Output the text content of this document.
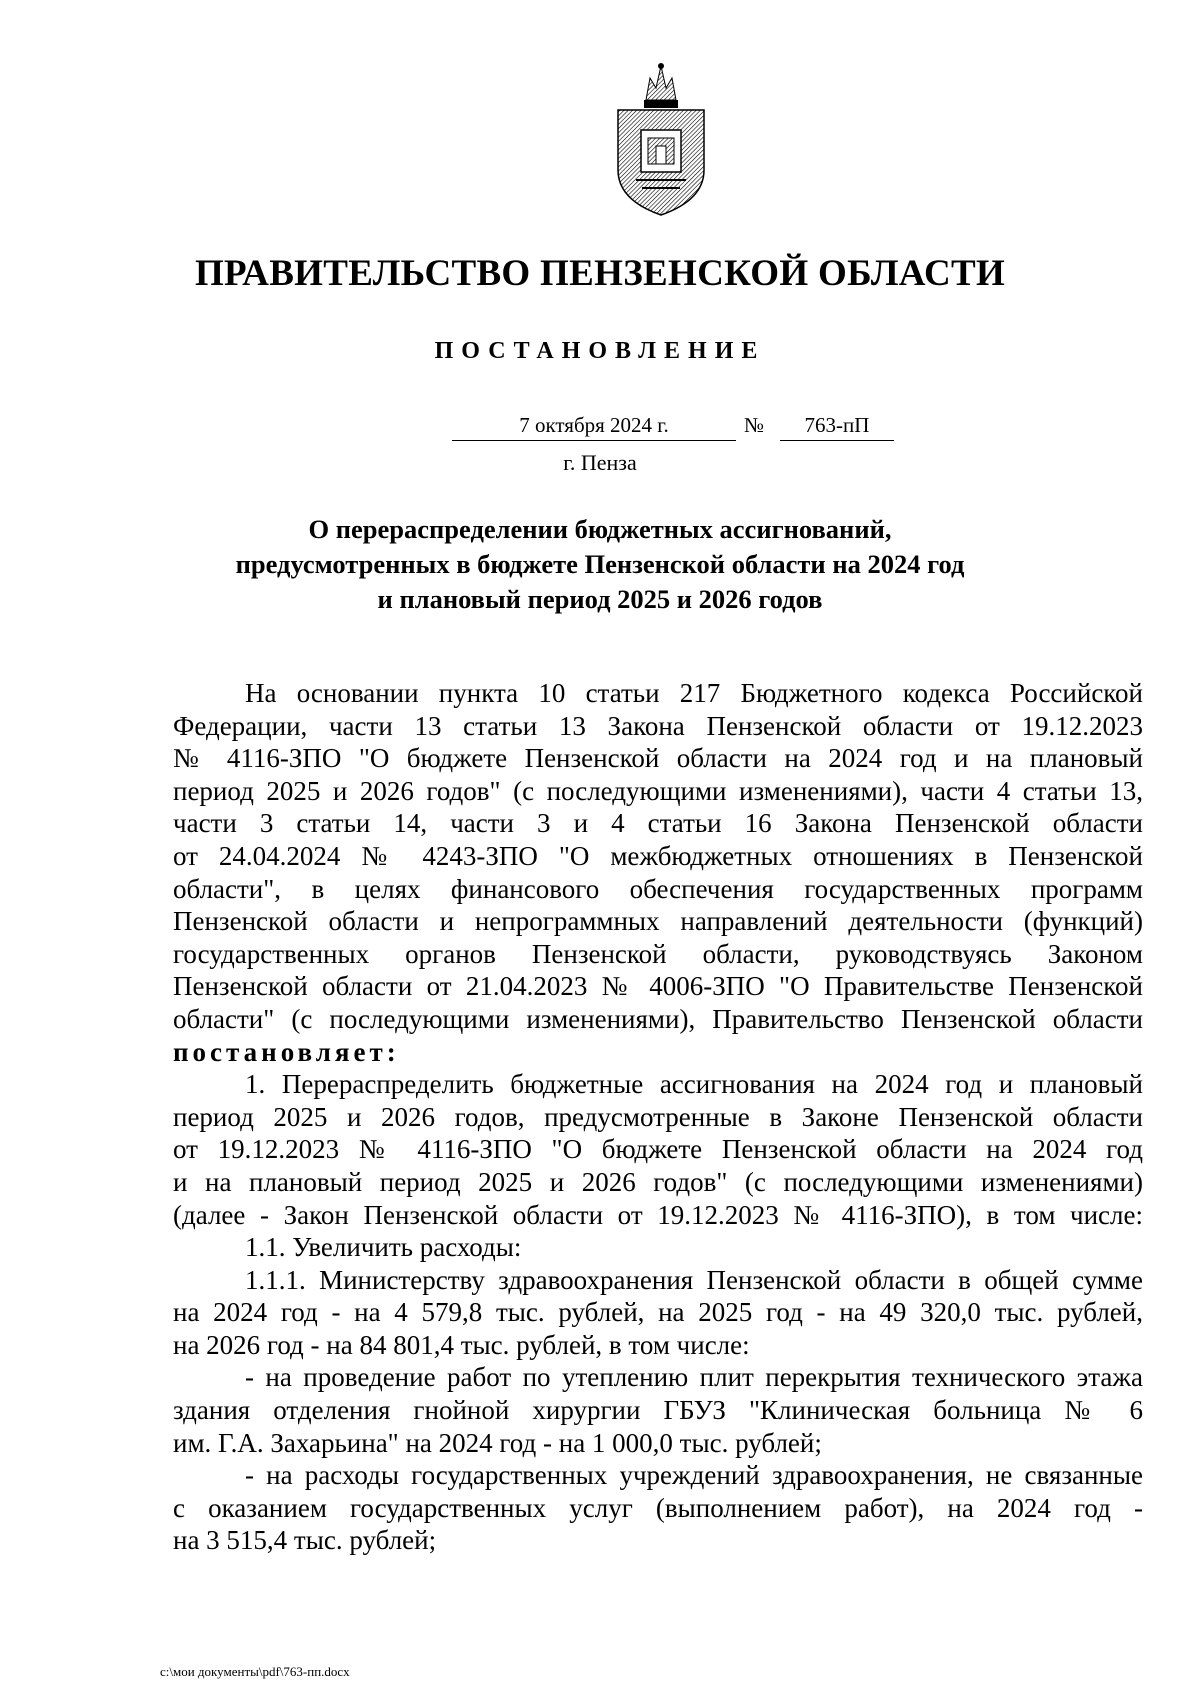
ПРАВИТЕЛЬСТВО ПЕНЗЕНСКОЙ ОБЛАСТИ
ПОСТАНОВЛЕНИЕ
7 октября 2024 г.	№	763-пП
г. Пенза
О перераспределении бюджетных ассигнований,
предусмотренных в бюджете Пензенской области на 2024 год
и плановый период 2025 и 2026 годов
На основании пункта 10 статьи 217 Бюджетного кодекса Российской
Федерации, части 13 статьи 13 Закона Пензенской области от 19.12.2023
№ 4116-ЗПО "О бюджете Пензенской области на 2024 год и на плановый
период 2025 и 2026 годов" (с последующими изменениями), части 4 статьи 13,
части 3 статьи 14, части 3 и 4 статьи 16 Закона Пензенской области
от 24.04.2024 № 4243-ЗПО "О межбюджетных отношениях в Пензенской
области", в целях финансового обеспечения государственных программ
Пензенской области и непрограммных направлений деятельности (функций)
государственных органов Пензенской области, руководствуясь Законом
Пензенской области от 21.04.2023 № 4006-ЗПО "О Правительстве Пензенской
области" (с последующими изменениями), Правительство Пензенской области
постановляет:
1. Перераспределить бюджетные ассигнования на 2024 год и плановый
период 2025 и 2026 годов, предусмотренные в Законе Пензенской области
от 19.12.2023 № 4116-ЗПО "О бюджете Пензенской области на 2024 год
и на плановый период 2025 и 2026 годов" (с последующими изменениями)
(далее - Закон Пензенской области от 19.12.2023 № 4116-ЗПО), в том числе:
1.1. Увеличить расходы:
1.1.1. Министерству здравоохранения Пензенской области в общей сумме
на 2024 год - на 4 579,8 тыс. рублей, на 2025 год - на 49 320,0 тыс. рублей,
на 2026 год - на 84 801,4 тыс. рублей, в том числе:
- на проведение работ по утеплению плит перекрытия технического этажа
здания отделения гнойной хирургии ГБУЗ "Клиническая больница № 6
им. Г.А. Захарьина" на 2024 год - на 1 000,0 тыс. рублей;
- на расходы государственных учреждений здравоохранения, не связанные
с оказанием государственных услуг (выполнением работ), на 2024 год -
на 3 515,4 тыс. рублей;
c:\мои документы\pdf\763-пп.docx
